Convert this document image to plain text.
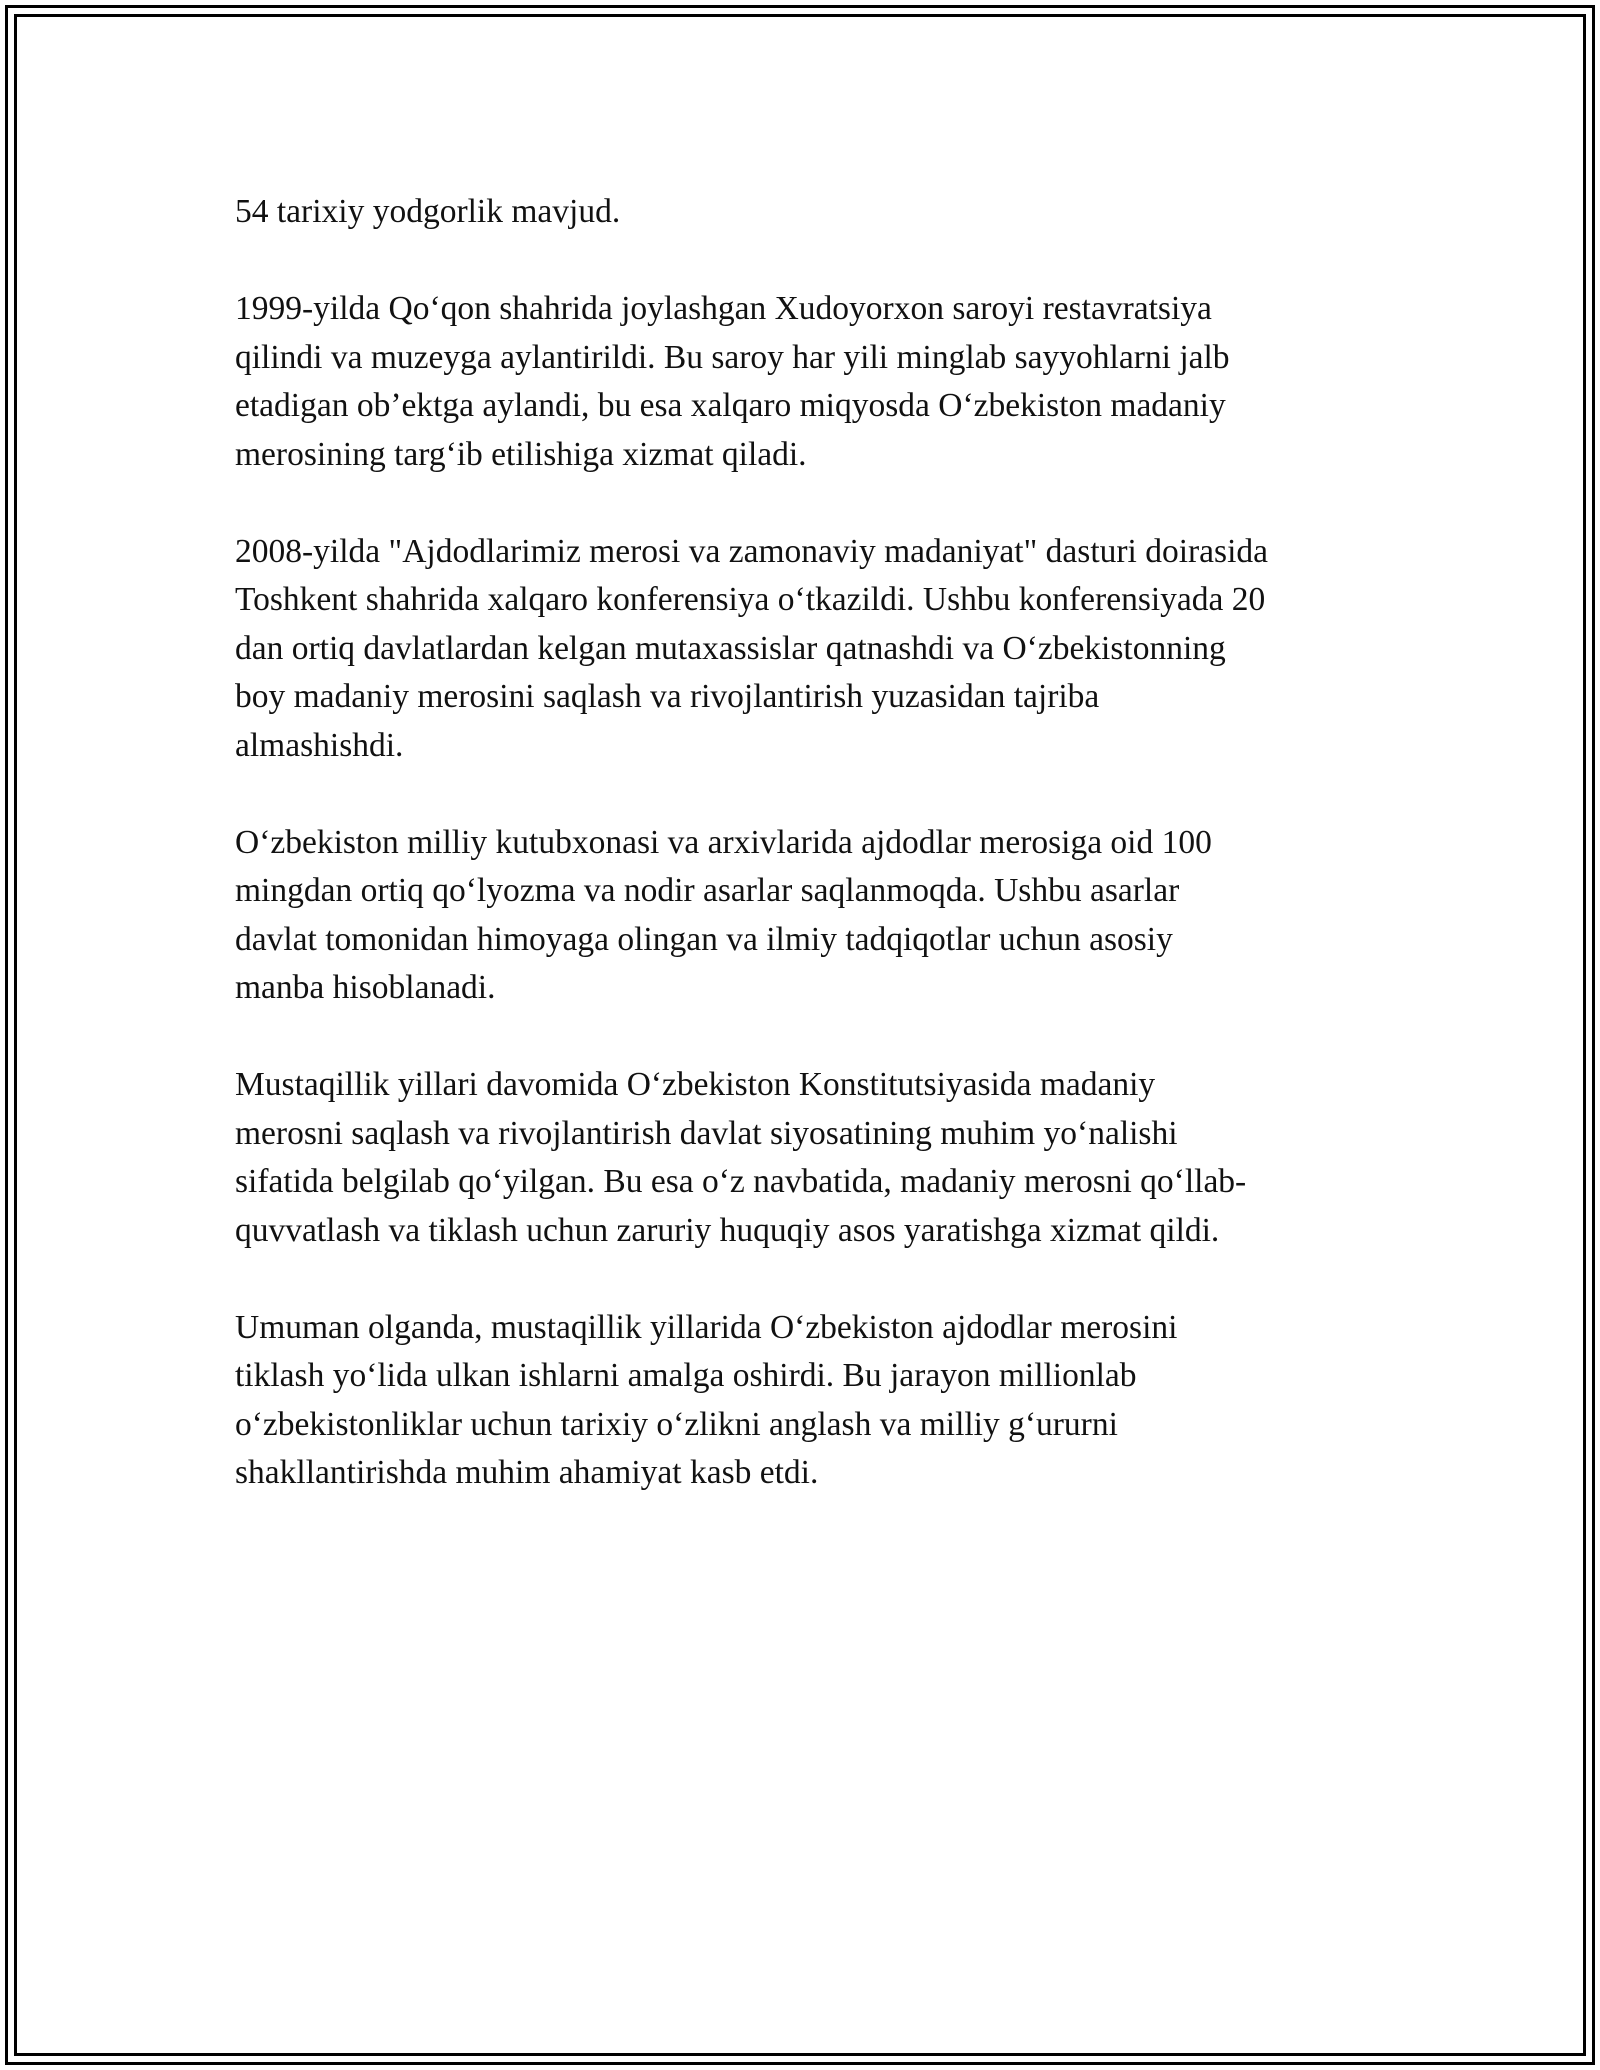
54 tarixiy yodgorlik mavjud.

1999-yilda Qoʻqon shahrida joylashgan Xudoyorxon saroyi restavratsiya
qilindi va muzeyga aylantirildi. Bu saroy har yili minglab sayyohlarni jalb
etadigan obʼektga aylandi, bu esa xalqaro miqyosda Oʻzbekiston madaniy
merosining targʻib etilishiga xizmat qiladi.

2008-yilda "Ajdodlarimiz merosi va zamonaviy madaniyat" dasturi doirasida
Toshkent shahrida xalqaro konferensiya oʻtkazildi. Ushbu konferensiyada 20
dan ortiq davlatlardan kelgan mutaxassislar qatnashdi va Oʻzbekistonning
boy madaniy merosini saqlash va rivojlantirish yuzasidan tajriba
almashishdi.

Oʻzbekiston milliy kutubxonasi va arxivlarida ajdodlar merosiga oid 100
mingdan ortiq qoʻlyozma va nodir asarlar saqlanmoqda. Ushbu asarlar
davlat tomonidan himoyaga olingan va ilmiy tadqiqotlar uchun asosiy
manba hisoblanadi.

Mustaqillik yillari davomida Oʻzbekiston Konstitutsiyasida madaniy
merosni saqlash va rivojlantirish davlat siyosatining muhim yoʻnalishi
sifatida belgilab qoʻyilgan. Bu esa oʻz navbatida, madaniy merosni qoʻllab-
quvvatlash va tiklash uchun zaruriy huquqiy asos yaratishga xizmat qildi.

Umuman olganda, mustaqillik yillarida Oʻzbekiston ajdodlar merosini
tiklash yoʻlida ulkan ishlarni amalga oshirdi. Bu jarayon millionlab
oʻzbekistonliklar uchun tarixiy oʻzlikni anglash va milliy gʻururni
shakllantirishda muhim ahamiyat kasb etdi.
